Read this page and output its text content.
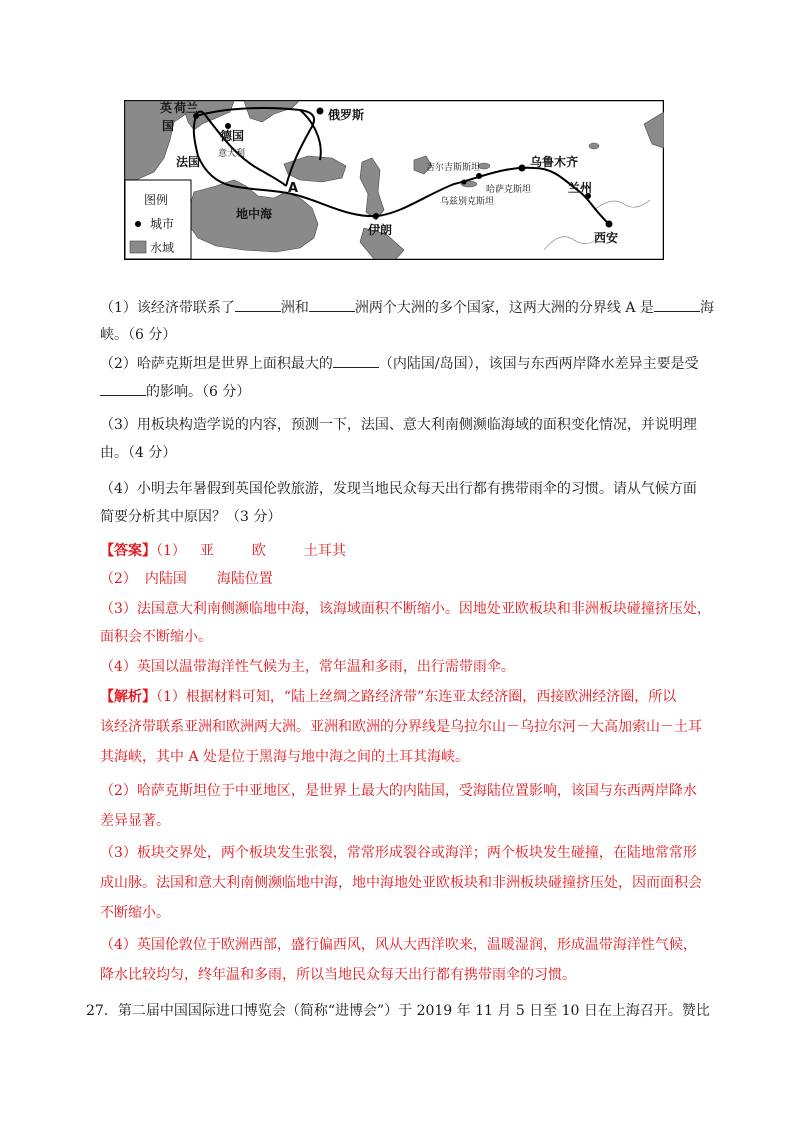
荷兰
英
国
俄罗斯
德国
意大利
法国
地中海
A
吉尔吉斯斯坦
哈萨克斯坦
乌兹别克斯坦
乌鲁木齐
兰州
西安
伊朗
图例
城市
水域
（1）该经济带联系了	洲和	洲两个大洲的多个国家，这两大洲的分界线 A 是	海
峡。（6 分）
（2）哈萨克斯坦是世界上面积最大的	（内陆国/岛国），该国与东西两岸降水差异主要是受
的影响。（6 分）
（3）用板块构造学说的内容，预测一下，法国、意大利南侧濒临海域的面积变化情况，并说明理
由。（4 分）
（4）小明去年暑假到英国伦敦旅游，发现当地民众每天出行都有携带雨伞的习惯。请从气候方面
简要分析其中原因？（3 分）
【答案】（1） 亚	欧	土耳其
（2） 内陆国 海陆位置
（3）法国意大利南侧濒临地中海，该海域面积不断缩小。因地处亚欧板块和非洲板块碰撞挤压处，
面积会不断缩小。
（4）英国以温带海洋性气候为主，常年温和多雨，出行需带雨伞。
【解析】（1）根据材料可知，“陆上丝绸之路经济带”东连亚太经济圈，西接欧洲经济圈，所以
该经济带联系亚洲和欧洲两大洲。亚洲和欧洲的分界线是乌拉尔山－乌拉尔河－大高加索山－土耳
其海峡，其中 A 处是位于黑海与地中海之间的土耳其海峡。
（2）哈萨克斯坦位于中亚地区，是世界上最大的内陆国，受海陆位置影响，该国与东西两岸降水
差异显著。
（3）板块交界处，两个板块发生张裂，常常形成裂谷或海洋；两个板块发生碰撞，在陆地常常形
成山脉。法国和意大利南侧濒临地中海，地中海地处亚欧板块和非洲板块碰撞挤压处，因而面积会
不断缩小。
（4）英国伦敦位于欧洲西部，盛行偏西风，风从大西洋吹来，温暖湿润，形成温带海洋性气候，
降水比较均匀，终年温和多雨，所以当地民众每天出行都有携带雨伞的习惯。
27．第二届中国国际进口博览会（简称“进博会”）于 2019 年 11 月 5 日至 10 日在上海召开。赞比
